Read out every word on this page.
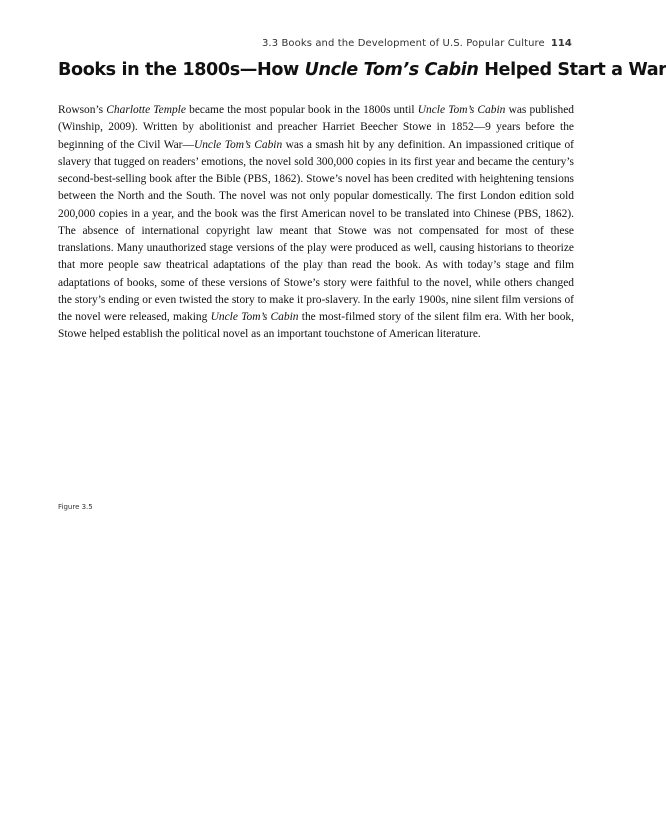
3.3 Books and the Development of U.S. Popular Culture 114
Books in the 1800s—How Uncle Tom’s Cabin Helped Start a War

Rowson’s Charlotte Temple became the most popular book in the 1800s until Uncle Tom’s Cabin was published (Winship, 2009). Written by abolitionist and preacher Harriet Beecher Stowe in 1852—9 years before the beginning of the Civil War—Uncle Tom’s Cabin was a smash hit by any definition. An impassioned critique of slavery that tugged on readers’ emotions, the novel sold 300,000 copies in its first year and became the century’s second-best-selling book after the Bible (PBS, 1862). Stowe’s novel has been credited with heightening tensions between the North and the South. The novel was not only popular domestically. The first London edition sold 200,000 copies in a year, and the book was the first American novel to be translated into Chinese (PBS, 1862). The absence of international copyright law meant that Stowe was not compensated for most of these translations. Many unauthorized stage versions of the play were produced as well, causing historians to theorize that more people saw theatrical adaptations of the play than read the book. As with today’s stage and film adaptations of books, some of these versions of Stowe’s story were faithful to the novel, while others changed the story’s ending or even twisted the story to make it pro-slavery. In the early 1900s, nine silent film versions of the novel were released, making Uncle Tom’s Cabin the most-filmed story of the silent film era. With her book, Stowe helped establish the political novel as an important touchstone of American literature.

Figure 3.5
